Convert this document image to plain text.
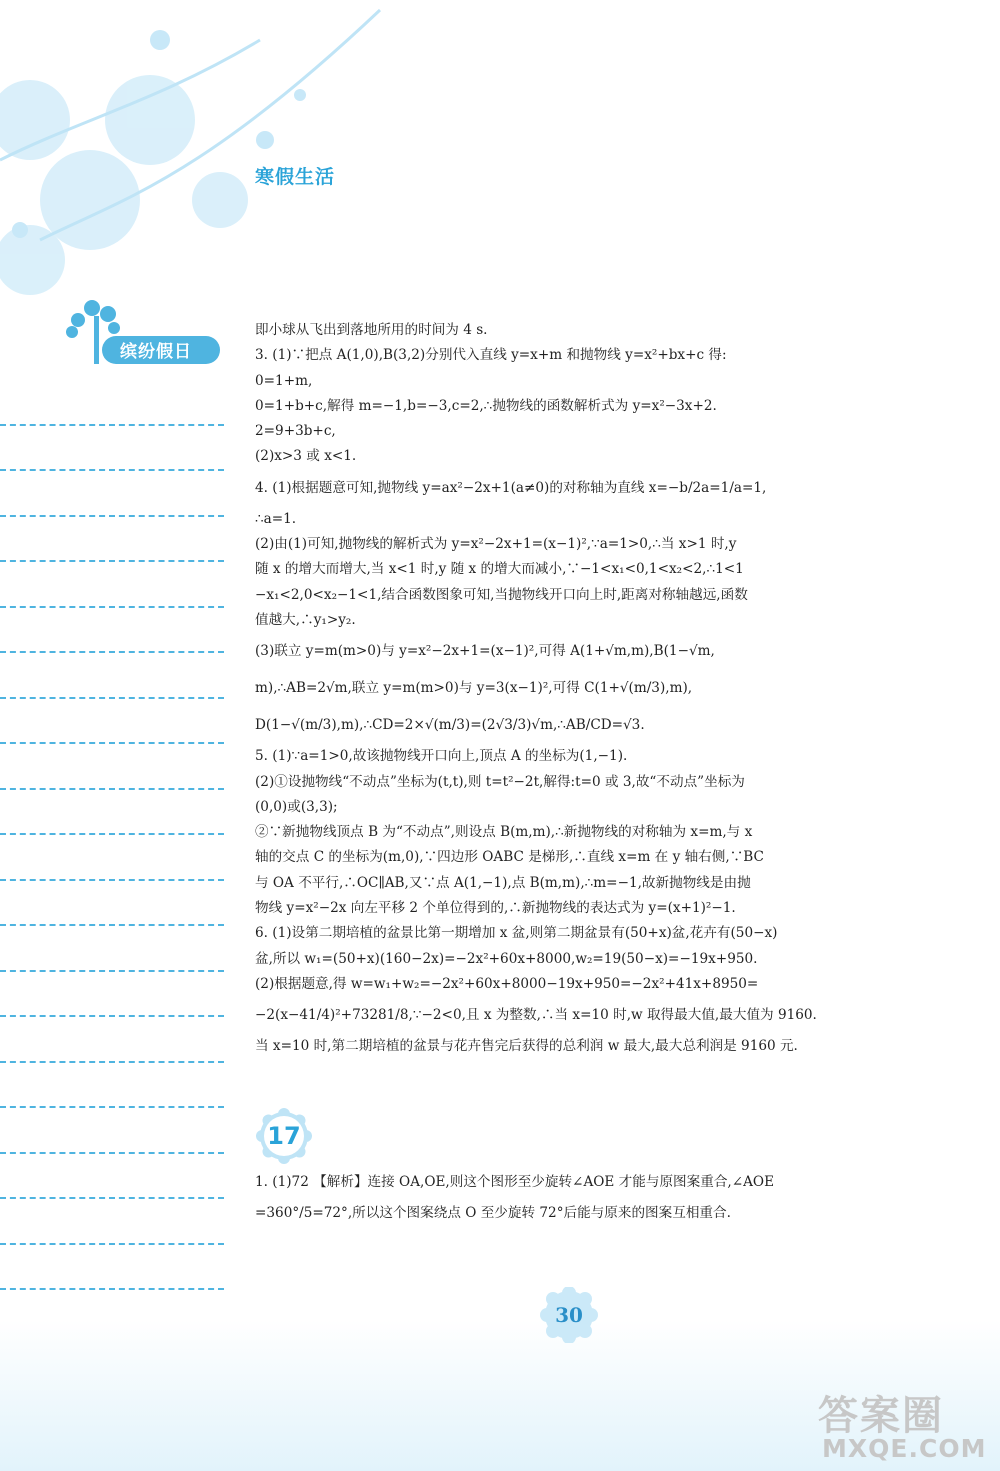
寒假生活
缤纷假日

即小球从飞出到落地所用的时间为 4 s.

3. (1)∵把点 A(1,0),B(3,2)分别代入直线 y=x+m 和抛物线 y=x²+bx+c 得:

0=1+m,

0=1+b+c,解得 m=−1,b=−3,c=2,∴抛物线的函数解析式为 y=x²−3x+2.

2=9+3b+c,

(2)x>3 或 x<1.

4. (1)根据题意可知,抛物线 y=ax²−2x+1(a≠0)的对称轴为直线 x=−b/2a=1/a=1,

∴a=1.

(2)由(1)可知,抛物线的解析式为 y=x²−2x+1=(x−1)²,∵a=1>0,∴当 x>1 时,y

随 x 的增大而增大,当 x<1 时,y 随 x 的增大而减小,∵−1<x₁<0,1<x₂<2,∴1<1

−x₁<2,0<x₂−1<1,结合函数图象可知,当抛物线开口向上时,距离对称轴越远,函数

值越大,∴y₁>y₂.

(3)联立 y=m(m>0)与 y=x²−2x+1=(x−1)²,可得 A(1+√m,m),B(1−√m,

m),∴AB=2√m,联立 y=m(m>0)与 y=3(x−1)²,可得 C(1+√(m/3),m),

D(1−√(m/3),m),∴CD=2×√(m/3)=(2√3/3)√m,∴AB/CD=√3.

5. (1)∵a=1>0,故该抛物线开口向上,顶点 A 的坐标为(1,−1).

(2)①设抛物线“不动点”坐标为(t,t),则 t=t²−2t,解得:t=0 或 3,故“不动点”坐标为

(0,0)或(3,3);

②∵新抛物线顶点 B 为“不动点”,则设点 B(m,m),∴新抛物线的对称轴为 x=m,与 x

轴的交点 C 的坐标为(m,0),∵四边形 OABC 是梯形,∴直线 x=m 在 y 轴右侧,∵BC

与 OA 不平行,∴OC∥AB,又∵点 A(1,−1),点 B(m,m),∴m=−1,故新抛物线是由抛

物线 y=x²−2x 向左平移 2 个单位得到的,∴新抛物线的表达式为 y=(x+1)²−1.

6. (1)设第二期培植的盆景比第一期增加 x 盆,则第二期盆景有(50+x)盆,花卉有(50−x)

盆,所以 w₁=(50+x)(160−2x)=−2x²+60x+8000,w₂=19(50−x)=−19x+950.

(2)根据题意,得 w=w₁+w₂=−2x²+60x+8000−19x+950=−2x²+41x+8950=

−2(x−41/4)²+73281/8,∵−2<0,且 x 为整数,∴当 x=10 时,w 取得最大值,最大值为 9160.

当 x=10 时,第二期培植的盆景与花卉售完后获得的总利润 w 最大,最大总利润是 9160 元.

17

1. (1)72 【解析】连接 OA,OE,则这个图形至少旋转∠AOE 才能与原图案重合,∠AOE

=360°/5=72°,所以这个图案绕点 O 至少旋转 72°后能与原来的图案互相重合.

30
答案圈
MXQE.COM
